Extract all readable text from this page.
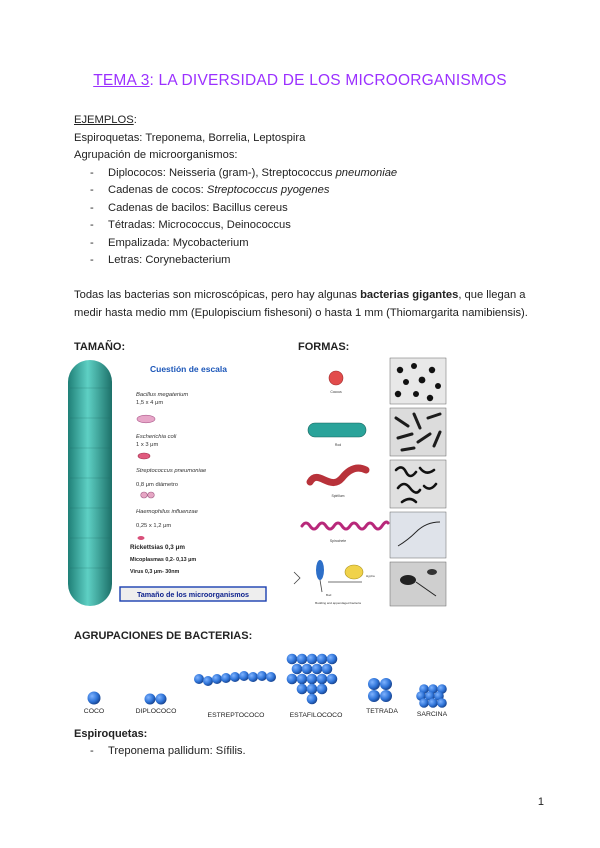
TEMA 3: LA DIVERSIDAD DE LOS MICROORGANISMOS
EJEMPLOS:
Espiroquetas: Treponema, Borrelia, Leptospira
Agrupación de microorganismos:
- Diplococos: Neisseria (gram-), Streptococcus pneumoniae
- Cadenas de cocos: Streptococcus pyogenes
- Cadenas de bacilos: Bacillus cereus
- Tétradas: Micrococcus, Deinococcus
- Empalizada: Mycobacterium
- Letras: Corynebacterium
Todas las bacterias son microscópicas, pero hay algunas bacterias gigantes, que llegan a medir hasta medio mm (Epulopiscium fishesoni) o hasta 1 mm (Thiomargarita namibiensis).
TAMAÑO:	FORMAS:
Cuestión de escala
Bacillus megaterium
1,5 x 4 μm
Escherichia coli
1 x 3 μm
Streptococcus pneumoniae
0,8 μm diámetro
Haemophilus influenzae
0,25 x 1,2 μm
Rickettsias 0,3 μm
Micoplasmas 0,2- 0,13 μm
Virus 0,3 μm- 30nm
Tamaño de los microorganismos
Coccus
Rod
Spirillum
Spirochete
Hypha
Bud
Budding and appendaged bacteria
AGRUPACIONES DE BACTERIAS:
COCO	DIPLOCOCO
ESTREPTOCOCO	ESTAFILOCOCO
TETRADA	SARCINA
Espiroquetas:
- Treponema pallidum: Sífilis.
1
